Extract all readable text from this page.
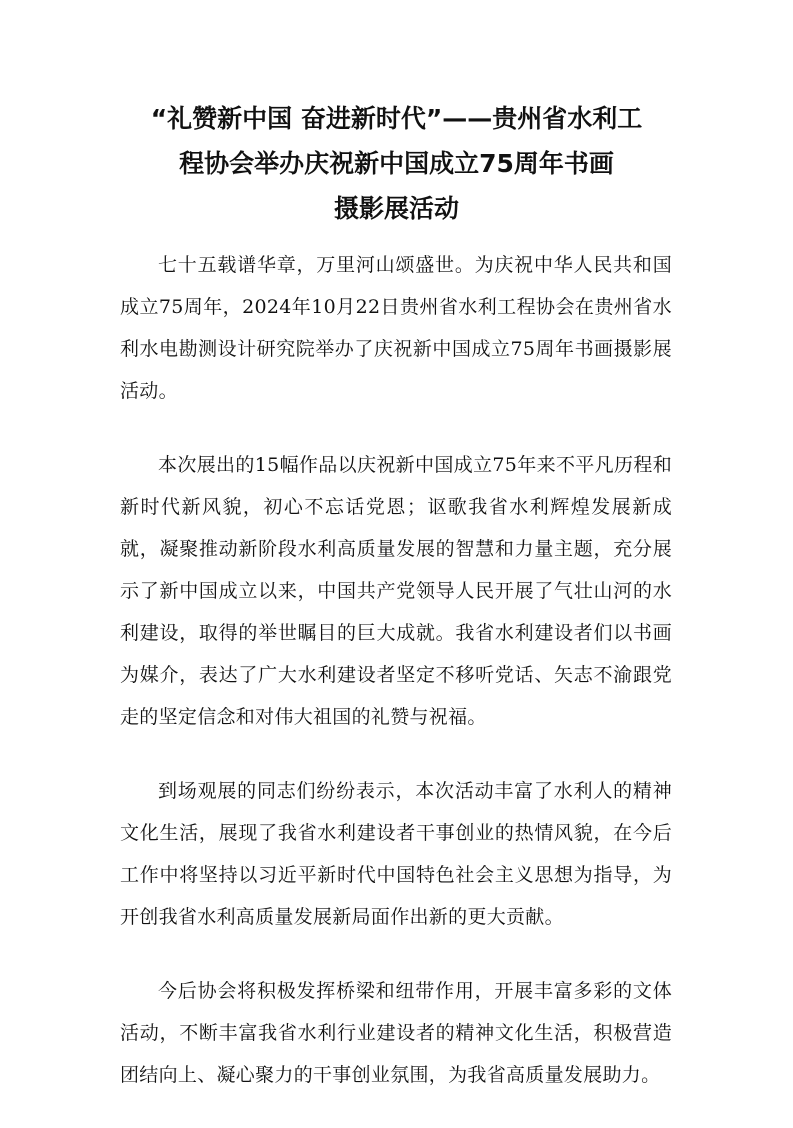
“礼赞新中国 奋进新时代”——贵州省水利工
程协会举办庆祝新中国成立75周年书画
摄影展活动

七十五载谱华章，万里河山颂盛世。为庆祝中华人民共和国成立75周年，2024年10月22日贵州省水利工程协会在贵州省水利水电勘测设计研究院举办了庆祝新中国成立75周年书画摄影展活动。

本次展出的15幅作品以庆祝新中国成立75年来不平凡历程和新时代新风貌，初心不忘话党恩；讴歌我省水利辉煌发展新成就，凝聚推动新阶段水利高质量发展的智慧和力量主题，充分展示了新中国成立以来，中国共产党领导人民开展了气壮山河的水利建设，取得的举世瞩目的巨大成就。我省水利建设者们以书画为媒介，表达了广大水利建设者坚定不移听党话、矢志不渝跟党走的坚定信念和对伟大祖国的礼赞与祝福。

到场观展的同志们纷纷表示，本次活动丰富了水利人的精神文化生活，展现了我省水利建设者干事创业的热情风貌，在今后工作中将坚持以习近平新时代中国特色社会主义思想为指导，为开创我省水利高质量发展新局面作出新的更大贡献。

今后协会将积极发挥桥梁和纽带作用，开展丰富多彩的文体活动，不断丰富我省水利行业建设者的精神文化生活，积极营造团结向上、凝心聚力的干事创业氛围，为我省高质量发展助力。
